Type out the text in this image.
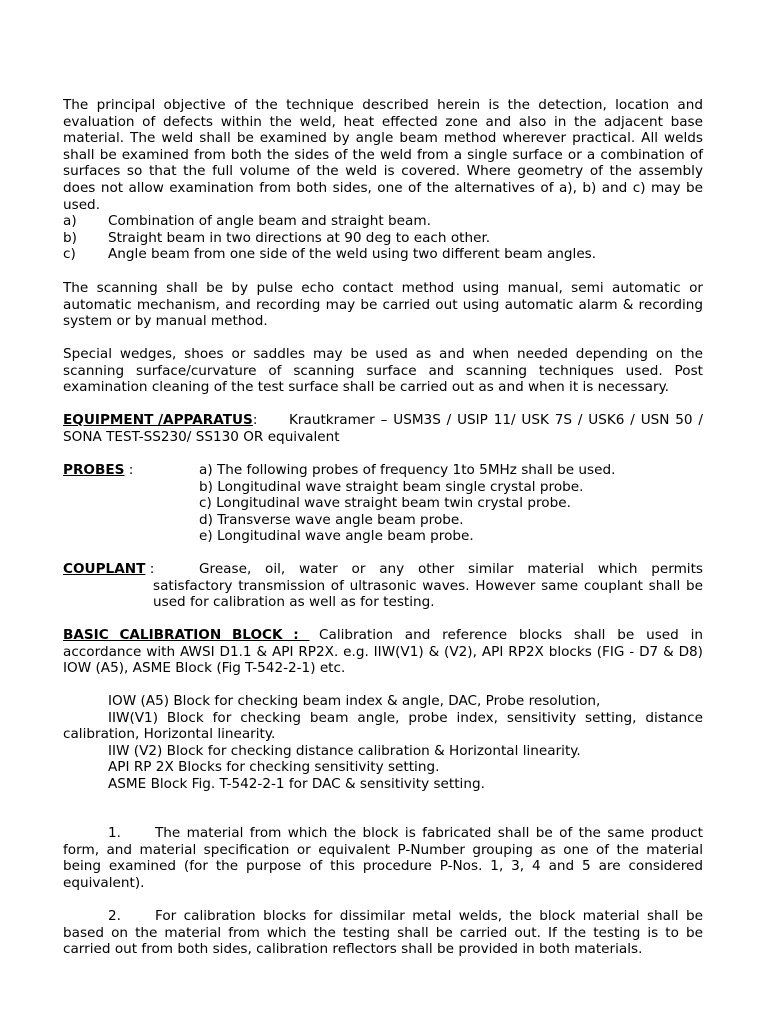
The principal objective of the technique described herein is the detection, location and

evaluation of defects within the weld, heat effected zone and also in the adjacent base

material. The weld shall be examined by angle beam method wherever practical. All welds

shall be examined from both the sides of the weld from a single surface or a combination of

surfaces so that the full volume of the weld is covered. Where geometry of the assembly

does not allow examination from both sides, one of the alternatives of a), b) and c) may be

used.

a) Combination of angle beam and straight beam.

b) Straight beam in two directions at 90 deg to each other.

c) Angle beam from one side of the weld using two different beam angles.

The scanning shall be by pulse echo contact method using manual, semi automatic or

automatic mechanism, and recording may be carried out using automatic alarm & recording

system or by manual method.

Special wedges, shoes or saddles may be used as and when needed depending on the

scanning surface/curvature of scanning surface and scanning techniques used. Post

examination cleaning of the test surface shall be carried out as and when it is necessary.

EQUIPMENT /APPARATUS: Krautkramer – USM3S / USIP 11/ USK 7S / USK6 / USN 50 /

SONA TEST-SS230/ SS130 OR equivalent

PROBES :	a) The following probes of frequency 1to 5MHz shall be used.

b) Longitudinal wave straight beam single crystal probe.

c) Longitudinal wave straight beam twin crystal probe.

d) Transverse wave angle beam probe.

e) Longitudinal wave angle beam probe.

COUPLANT :	Grease, oil, water or any other similar material which permits

satisfactory transmission of ultrasonic waves. However same couplant shall be

used for calibration as well as for testing.

BASIC CALIBRATION BLOCK : Calibration and reference blocks shall be used in

accordance with AWSI D1.1 & API RP2X. e.g. IIW(V1) & (V2), API RP2X blocks (FIG - D7 & D8)

IOW (A5), ASME Block (Fig T-542-2-1) etc.

IOW (A5) Block for checking beam index & angle, DAC, Probe resolution,

IIW(V1) Block for checking beam angle, probe index, sensitivity setting, distance

calibration, Horizontal linearity.

IIW (V2) Block for checking distance calibration & Horizontal linearity.

API RP 2X Blocks for checking sensitivity setting.

ASME Block Fig. T-542-2-1 for DAC & sensitivity setting.

1.	The material from which the block is fabricated shall be of the same product

form, and material specification or equivalent P-Number grouping as one of the material

being examined (for the purpose of this procedure P-Nos. 1, 3, 4 and 5 are considered

equivalent).

2.	For calibration blocks for dissimilar metal welds, the block material shall be

based on the material from which the testing shall be carried out. If the testing is to be

carried out from both sides, calibration reflectors shall be provided in both materials.
